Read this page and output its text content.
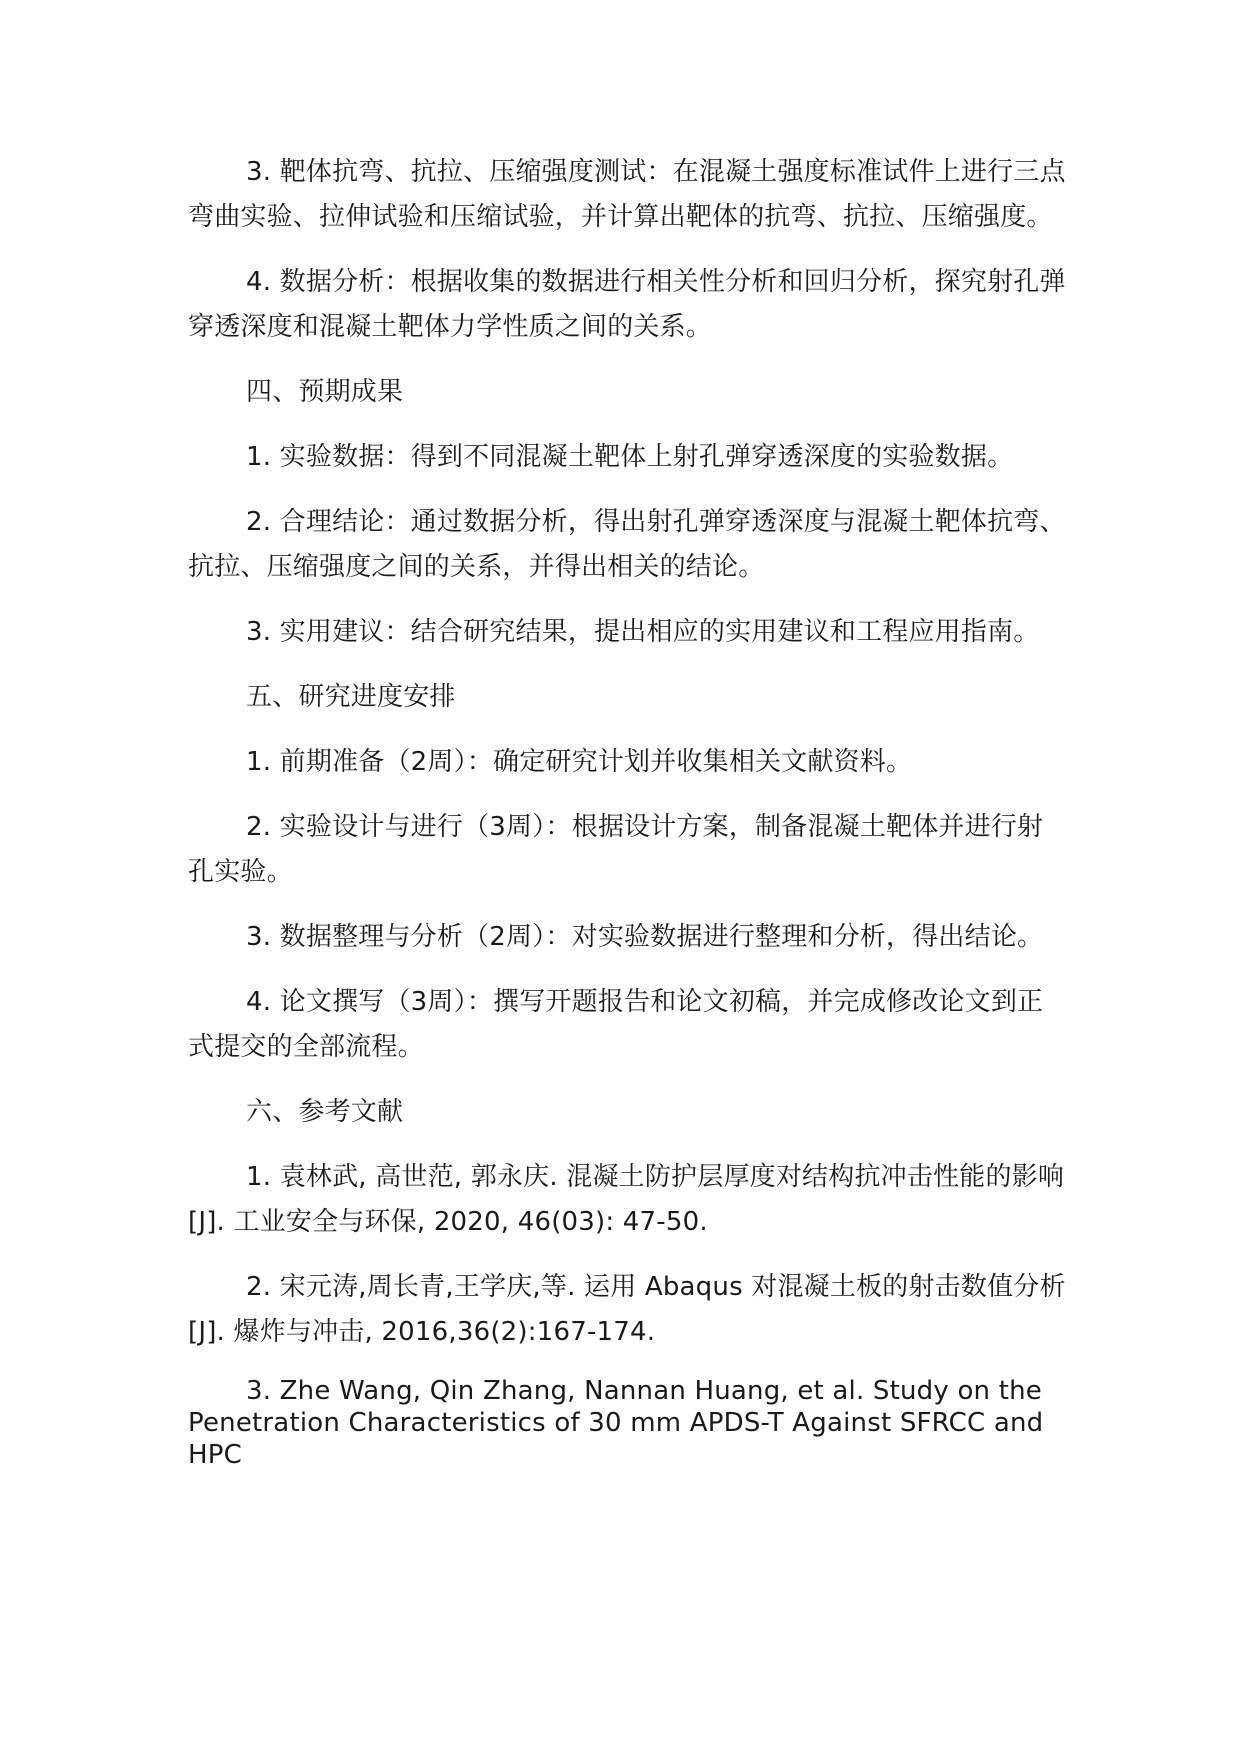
3. 靶体抗弯、抗拉、压缩强度测试：在混凝土强度标准试件上进行三点弯曲实验、拉伸试验和压缩试验，并计算出靶体的抗弯、抗拉、压缩强度。

4. 数据分析：根据收集的数据进行相关性分析和回归分析，探究射孔弹穿透深度和混凝土靶体力学性质之间的关系。

四、预期成果

1. 实验数据：得到不同混凝土靶体上射孔弹穿透深度的实验数据。

2. 合理结论：通过数据分析，得出射孔弹穿透深度与混凝土靶体抗弯、抗拉、压缩强度之间的关系，并得出相关的结论。

3. 实用建议：结合研究结果，提出相应的实用建议和工程应用指南。

五、研究进度安排

1. 前期准备（2周）：确定研究计划并收集相关文献资料。

2. 实验设计与进行（3周）：根据设计方案，制备混凝土靶体并进行射孔实验。

3. 数据整理与分析（2周）：对实验数据进行整理和分析，得出结论。

4. 论文撰写（3周）：撰写开题报告和论文初稿，并完成修改论文到正式提交的全部流程。

六、参考文献

1. 袁林武, 高世范, 郭永庆. 混凝土防护层厚度对结构抗冲击性能的影响[J]. 工业安全与环保, 2020, 46(03): 47-50.

2. 宋元涛,周长青,王学庆,等. 运用 Abaqus 对混凝土板的射击数值分析[J]. 爆炸与冲击, 2016,36(2):167-174.

3. Zhe Wang, Qin Zhang, Nannan Huang, et al. Study on the Penetration Characteristics of 30 mm APDS-T Against SFRCC and HPC
